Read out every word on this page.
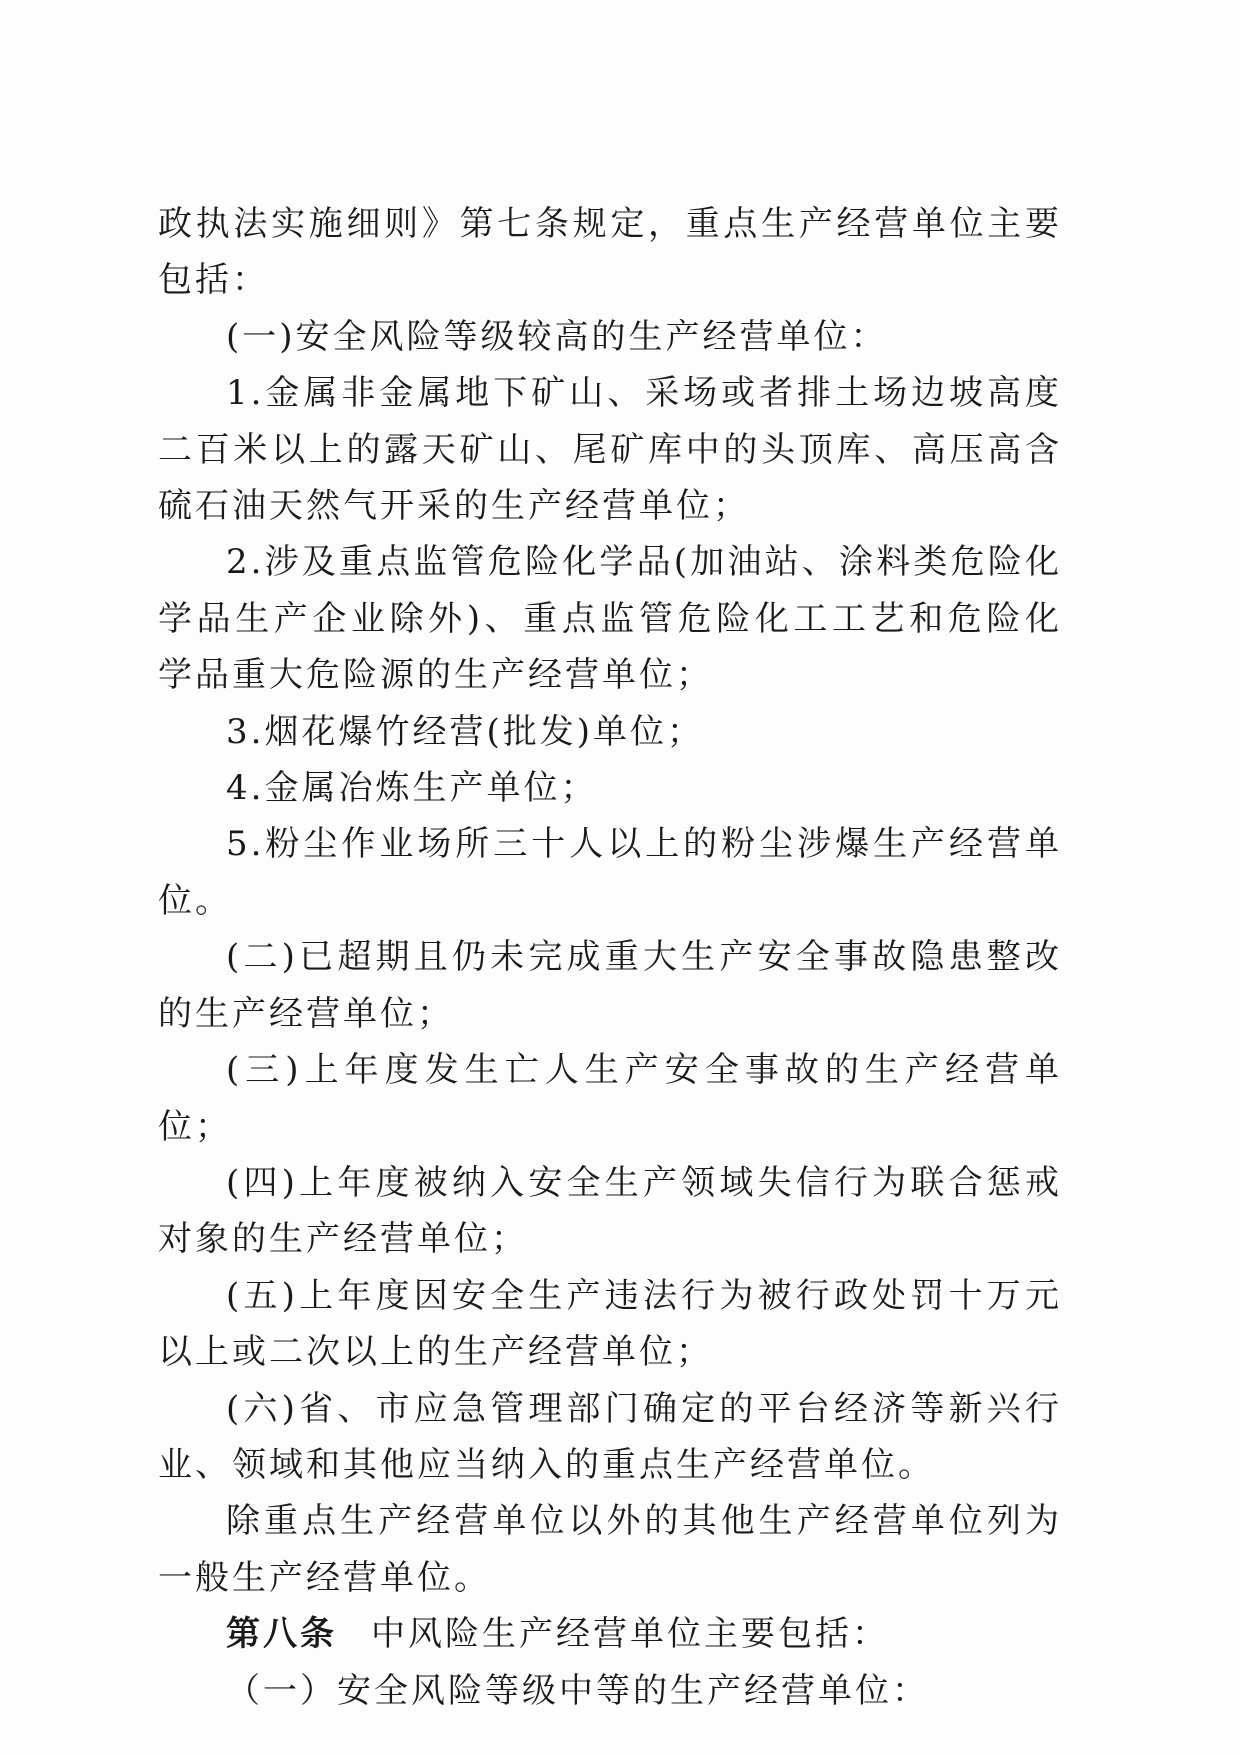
政执法实施细则》第七条规定，重点生产经营单位主要包括：

(一)安全风险等级较高的生产经营单位：

1.金属非金属地下矿山、采场或者排土场边坡高度二百米以上的露天矿山、尾矿库中的头顶库、高压高含硫石油天然气开采的生产经营单位；

2.涉及重点监管危险化学品(加油站、涂料类危险化学品生产企业除外)、重点监管危险化工工艺和危险化学品重大危险源的生产经营单位；

3.烟花爆竹经营(批发)单位；

4.金属冶炼生产单位；

5.粉尘作业场所三十人以上的粉尘涉爆生产经营单位。

(二)已超期且仍未完成重大生产安全事故隐患整改的生产经营单位；

(三)上年度发生亡人生产安全事故的生产经营单位；

(四)上年度被纳入安全生产领域失信行为联合惩戒对象的生产经营单位；

(五)上年度因安全生产违法行为被行政处罚十万元以上或二次以上的生产经营单位；

(六)省、市应急管理部门确定的平台经济等新兴行业、领域和其他应当纳入的重点生产经营单位。

除重点生产经营单位以外的其他生产经营单位列为一般生产经营单位。

第八条 中风险生产经营单位主要包括：

（一）安全风险等级中等的生产经营单位：
